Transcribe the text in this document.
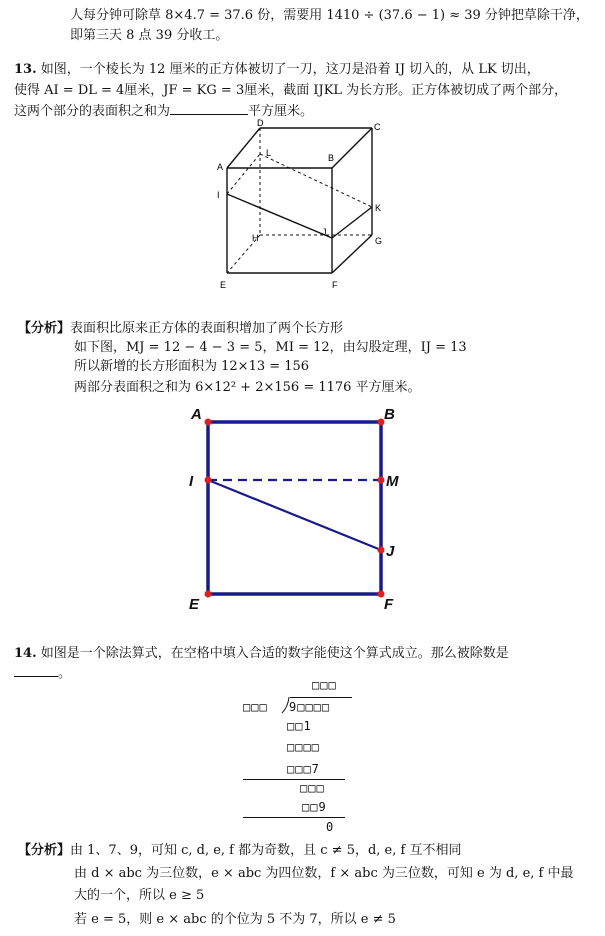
人每分钟可除草 8×4.7 = 37.6 份，需要用 1410 ÷ (37.6 − 1) ≈ 39 分钟把草除干净，
即第三天 8 点 39 分收工。
13. 如图，一个棱长为 12 厘米的正方体被切了一刀，这刀是沿着 IJ 切入的，从 LK 切出，
使得 AI = DL = 4厘米，JF = KG = 3厘米，截面 IJKL 为长方形。正方体被切成了两个部分，
这两个部分的表面积之和为	平方厘米。
A
B
C
D
E	F
G
H
I
J
K
L
【分析】表面积比原来正方体的表面积增加了两个长方形
如下图，MJ = 12 − 4 − 3 = 5，MI = 12，由勾股定理，IJ = 13
所以新增的长方形面积为 12×13 = 156
两部分表面积之和为 6×12² + 2×156 = 1176 平方厘米。
A	B
I	M
J
E	F
14. 如图是一个除法算式，在空格中填入合适的数字能使这个算式成立。那么被除数是
。
□□□
□□□ 9□□□□
□□1
□□□□
□□□7
□□□
□□9
0
【分析】由 1、7、9，可知 c, d, e, f 都为奇数，且 c ≠ 5，d, e, f 互不相同
由 d × abc 为三位数，e × abc 为四位数，f × abc 为三位数，可知 e 为 d, e, f 中最
大的一个，所以 e ≥ 5
若 e = 5，则 e × abc 的个位为 5 不为 7，所以 e ≠ 5
